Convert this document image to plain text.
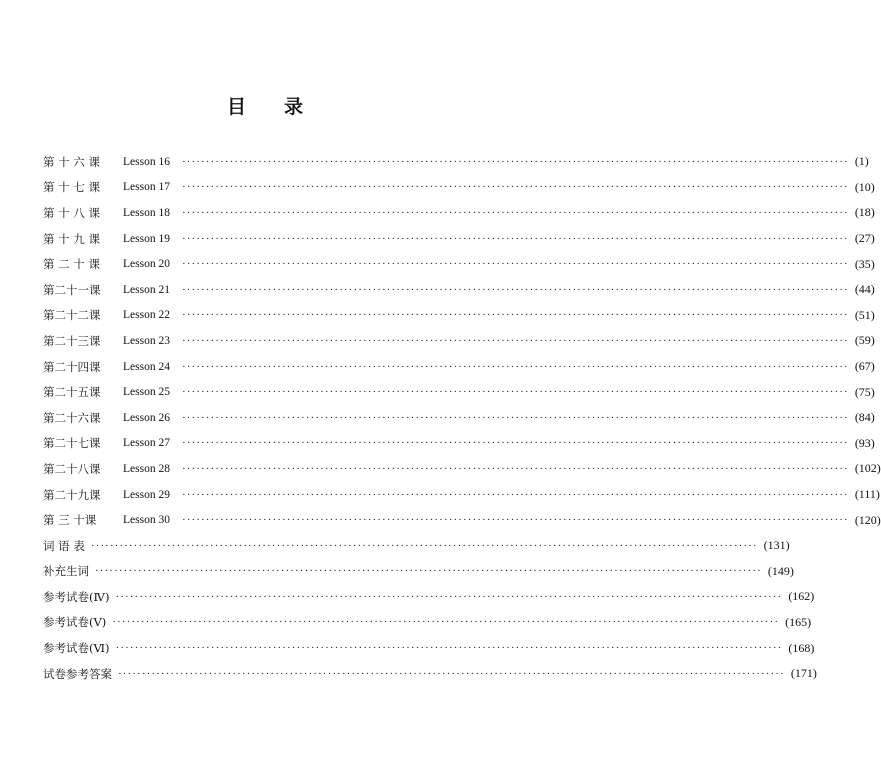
目录
第 十 六 课	Lesson 16 ············································································································································ (1)
第 十 七 课	Lesson 17 ············································································································································ (10)
第 十 八 课	Lesson 18 ············································································································································ (18)
第 十 九 课	Lesson 19 ············································································································································ (27)
第 二 十 课	Lesson 20 ············································································································································ (35)
第二十一课	Lesson 21 ············································································································································ (44)
第二十二课	Lesson 22 ············································································································································ (51)
第二十三课	Lesson 23 ············································································································································ (59)
第二十四课	Lesson 24 ············································································································································ (67)
第二十五课	Lesson 25 ············································································································································ (75)
第二十六课	Lesson 26 ············································································································································ (84)
第二十七课	Lesson 27 ············································································································································ (93)
第二十八课	Lesson 28 ············································································································································ (102)
第二十九课	Lesson 29 ············································································································································ (111)
第 三 十课	Lesson 30 ············································································································································ (120)
词 语 表 ············································································································································ (131)
补充生词 ············································································································································ (149)
参考试卷(Ⅳ) ············································································································································ (162)
参考试卷(Ⅴ) ············································································································································ (165)
参考试卷(Ⅵ) ············································································································································ (168)
试卷参考答案 ············································································································································ (171)
